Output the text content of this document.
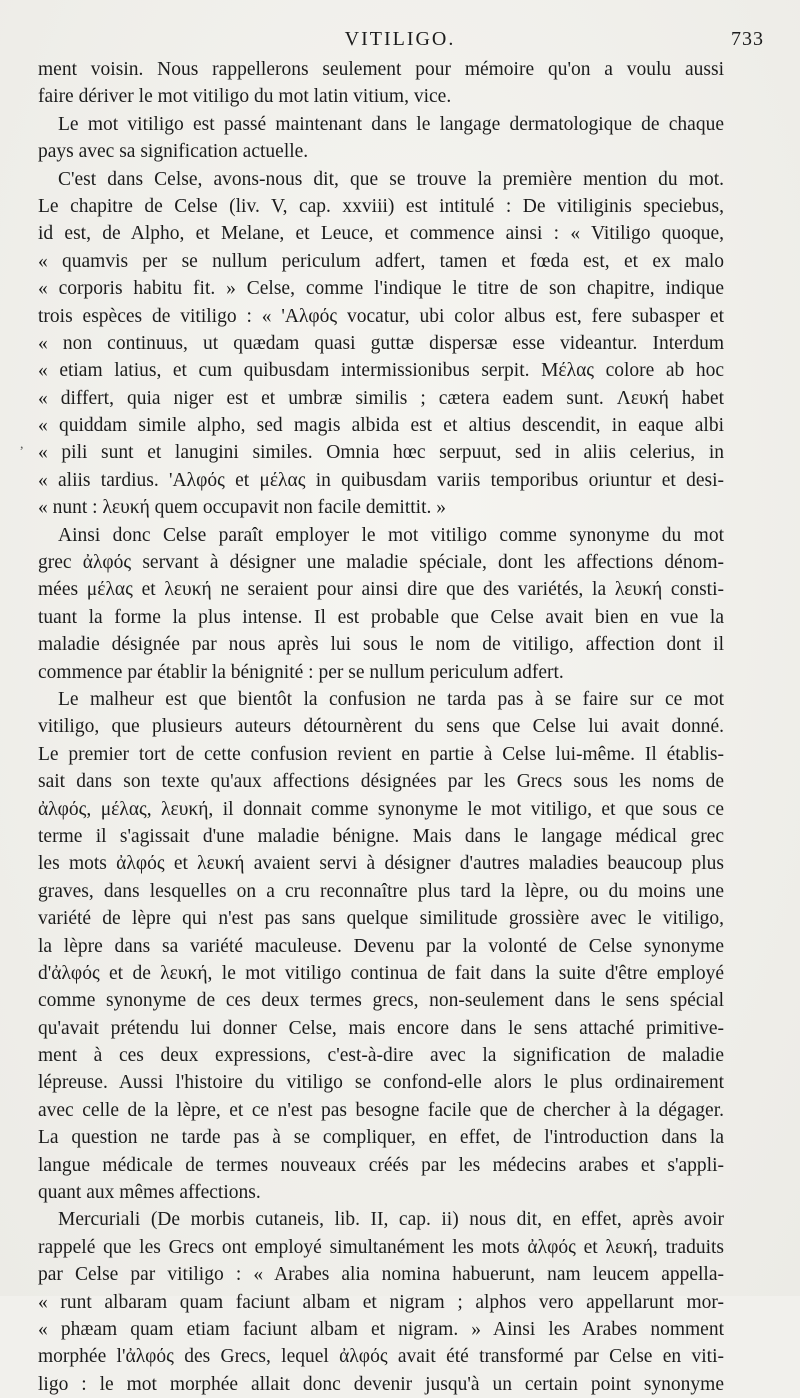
VITILIGO.	733
,
ment voisin. Nous rappellerons seulement pour mémoire qu'on a voulu aussi
faire dériver le mot vitiligo du mot latin vitium, vice.
Le mot vitiligo est passé maintenant dans le langage dermatologique de chaque
pays avec sa signification actuelle.
C'est dans Celse, avons-nous dit, que se trouve la première mention du mot.
Le chapitre de Celse (liv. V, cap. xxviii) est intitulé : De vitiliginis speciebus,
id est, de Alpho, et Melane, et Leuce, et commence ainsi : « Vitiligo quoque,
« quamvis per se nullum periculum adfert, tamen et fœda est, et ex malo
« corporis habitu fit. » Celse, comme l'indique le titre de son chapitre, indique
trois espèces de vitiligo : « 'Αλφός vocatur, ubi color albus est, fere subasper et
« non continuus, ut quædam quasi guttæ dispersæ esse videantur. Interdum
« etiam latius, et cum quibusdam intermissionibus serpit. Μέλας colore ab hoc
« differt, quia niger est et umbræ similis ; cætera eadem sunt. Λευκή habet
« quiddam simile alpho, sed magis albida est et altius descendit, in eaque albi
« pili sunt et lanugini similes. Omnia hœc serpuut, sed in aliis celerius, in
« aliis tardius. 'Αλφός et μέλας in quibusdam variis temporibus oriuntur et desi-
« nunt : λευκή quem occupavit non facile demittit. »
Ainsi donc Celse paraît employer le mot vitiligo comme synonyme du mot
grec ἀλφός servant à désigner une maladie spéciale, dont les affections dénom-
mées μέλας et λευκή ne seraient pour ainsi dire que des variétés, la λευκή consti-
tuant la forme la plus intense. Il est probable que Celse avait bien en vue la
maladie désignée par nous après lui sous le nom de vitiligo, affection dont il
commence par établir la bénignité : per se nullum periculum adfert.
Le malheur est que bientôt la confusion ne tarda pas à se faire sur ce mot
vitiligo, que plusieurs auteurs détournèrent du sens que Celse lui avait donné.
Le premier tort de cette confusion revient en partie à Celse lui-même. Il établis-
sait dans son texte qu'aux affections désignées par les Grecs sous les noms de
ἀλφός, μέλας, λευκή, il donnait comme synonyme le mot vitiligo, et que sous ce
terme il s'agissait d'une maladie bénigne. Mais dans le langage médical grec
les mots ἀλφός et λευκή avaient servi à désigner d'autres maladies beaucoup plus
graves, dans lesquelles on a cru reconnaître plus tard la lèpre, ou du moins une
variété de lèpre qui n'est pas sans quelque similitude grossière avec le vitiligo,
la lèpre dans sa variété maculeuse. Devenu par la volonté de Celse synonyme
d'ἀλφός et de λευκή, le mot vitiligo continua de fait dans la suite d'être employé
comme synonyme de ces deux termes grecs, non-seulement dans le sens spécial
qu'avait prétendu lui donner Celse, mais encore dans le sens attaché primitive-
ment à ces deux expressions, c'est-à-dire avec la signification de maladie
lépreuse. Aussi l'histoire du vitiligo se confond-elle alors le plus ordinairement
avec celle de la lèpre, et ce n'est pas besogne facile que de chercher à la dégager.
La question ne tarde pas à se compliquer, en effet, de l'introduction dans la
langue médicale de termes nouveaux créés par les médecins arabes et s'appli-
quant aux mêmes affections.
Mercuriali (De morbis cutaneis, lib. II, cap. ii) nous dit, en effet, après avoir
rappelé que les Grecs ont employé simultanément les mots ἀλφός et λευκή, traduits
par Celse par vitiligo : « Arabes alia nomina habuerunt, nam leucem appella-
« runt albaram quam faciunt albam et nigram ; alphos vero appellarunt mor-
« phæam quam etiam faciunt albam et nigram. » Ainsi les Arabes nomment
morphée l'ἀλφός des Grecs, lequel ἀλφός avait été transformé par Celse en viti-
ligo : le mot morphée allait donc devenir jusqu'à un certain point synonyme
